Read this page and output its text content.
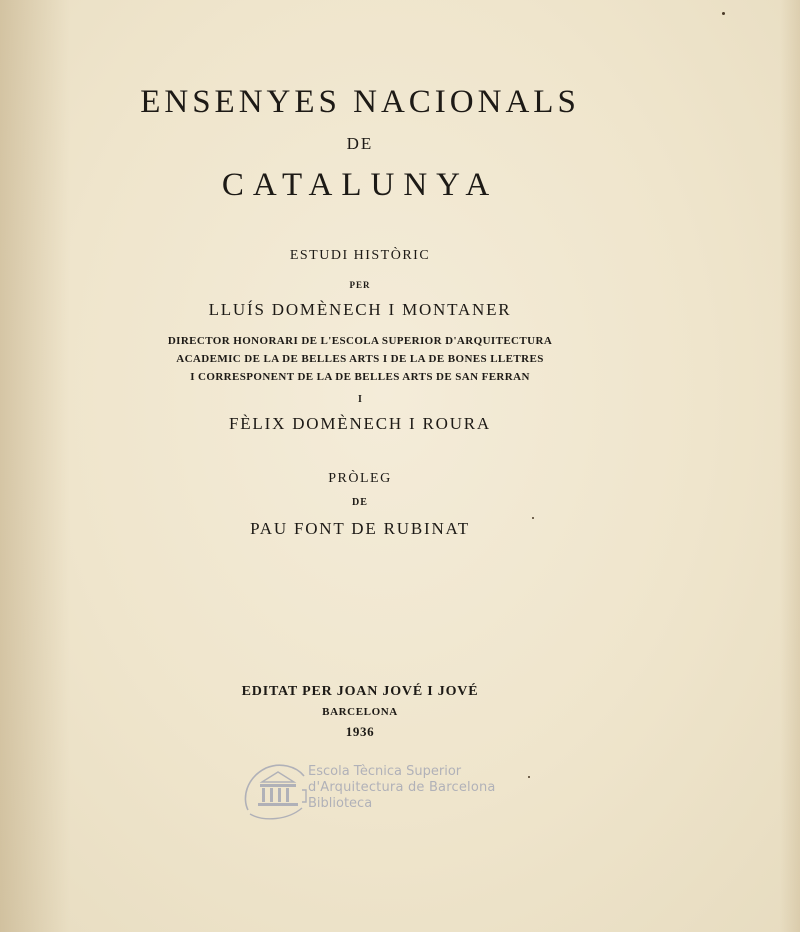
ENSENYES NACIONALS
DE
CATALUNYA
ESTUDI HISTÒRIC
PER
LLUÍS DOMÈNECH I MONTANER
DIRECTOR HONORARI DE L'ESCOLA SUPERIOR D'ARQUITECTURA
ACADEMIC DE LA DE BELLES ARTS I DE LA DE BONES LLETRES
I CORRESPONENT DE LA DE BELLES ARTS DE SAN FERRAN
I
FÈLIX DOMÈNECH I ROURA
PRÒLEG
DE
PAU FONT DE RUBINAT
EDITAT PER JOAN JOVÉ I JOVÉ
BARCELONA
1936
Escola Tècnica Superior
d'Arquitectura de Barcelona
Biblioteca
